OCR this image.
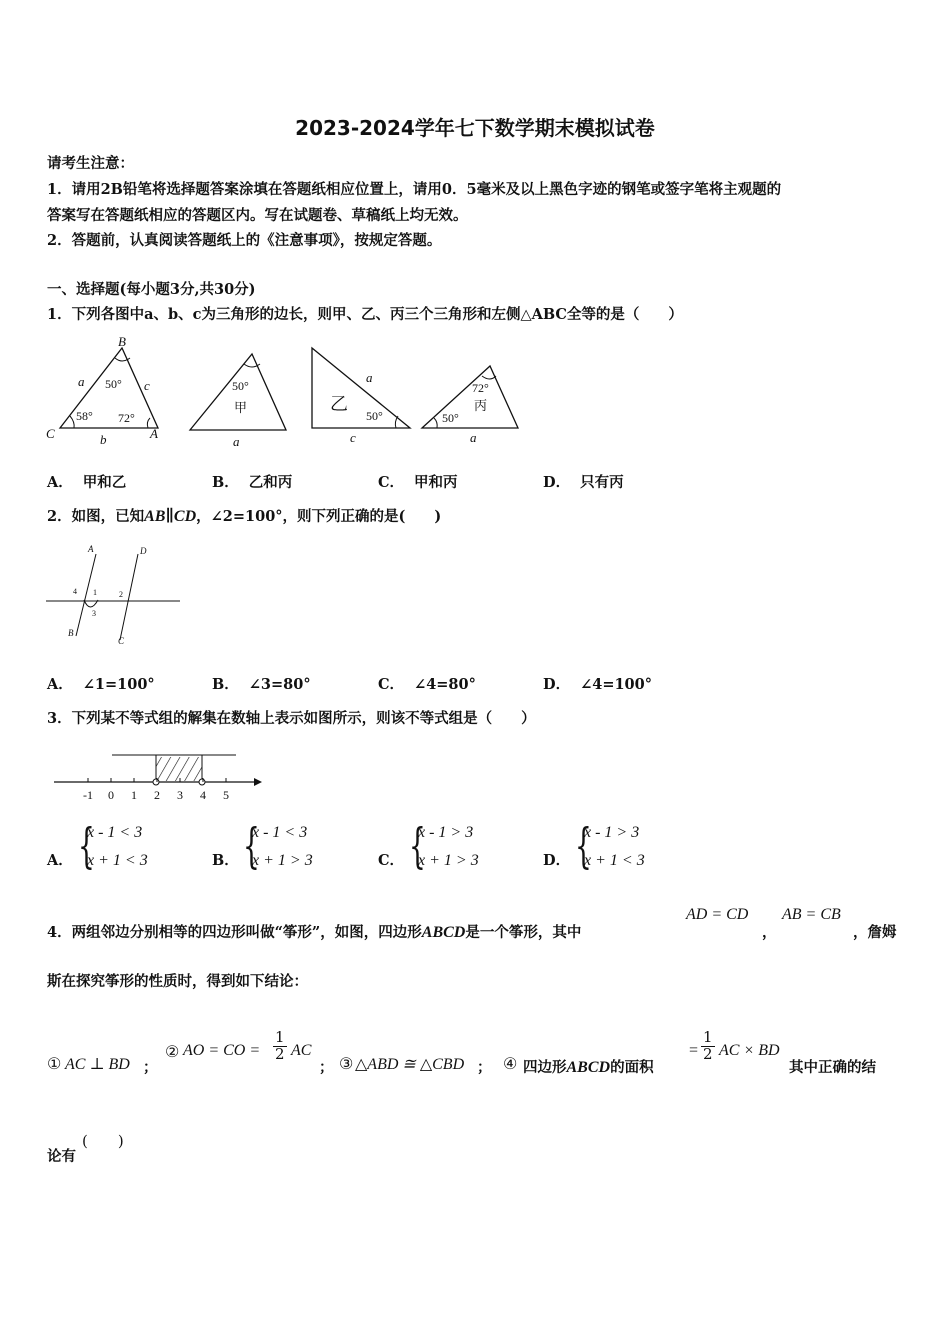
2023-2024学年七下数学期末模拟试卷
请考生注意：
1．请用2B铅笔将选择题答案涂填在答题纸相应位置上，请用0．5毫米及以上黑色字迹的钢笔或签字笔将主观题的
答案写在答题纸相应的答题区内。写在试题卷、草稿纸上均无效。
2．答题前，认真阅读答题纸上的《注意事项》，按规定答题。
一、选择题(每小题3分,共30分)
1．下列各图中a、b、c为三角形的边长，则甲、乙、丙三个三角形和左侧△ABC全等的是（　　）
B
C	A
a	c
b
50°
58° 72°
50°
甲
a
乙
a
50°
c
72°
丙
50°
a
A． 甲和乙	B． 乙和丙	C． 甲和丙	D． 只有丙
2．如图，已知AB∥CD，∠2=100°，则下列正确的是(　　)
A
B
C
D
1	2
3
4
A． ∠1=100°	B． ∠3=80°	C． ∠4=80°	D． ∠4=100°
3．下列某不等式组的解集在数轴上表示如图所示，则该不等式组是（　　）
-1 0 1 2 3 4 5
A． {
x - 1 < 3
x + 1 < 3	B． {
x - 1 < 3
x + 1 > 3	C． {
x - 1 > 3
x + 1 > 3	D． {
x - 1 > 3
x + 1 < 3
4．两组邻边分别相等的四边形叫做“筝形”，如图，四边形ABCD是一个筝形，其中
AD = CD
，
AB = CB
，詹姆
斯在探究筝形的性质时，得到如下结论：
① AC ⊥ BD ；
② AO = CO = $\frac{1}{2}$ AC
； ③ △ABD ≅ △CBD ； ④ 四边形ABCD的面积
= $\frac{1}{2}$ AC × BD
其中正确的结
论有
(　　)
